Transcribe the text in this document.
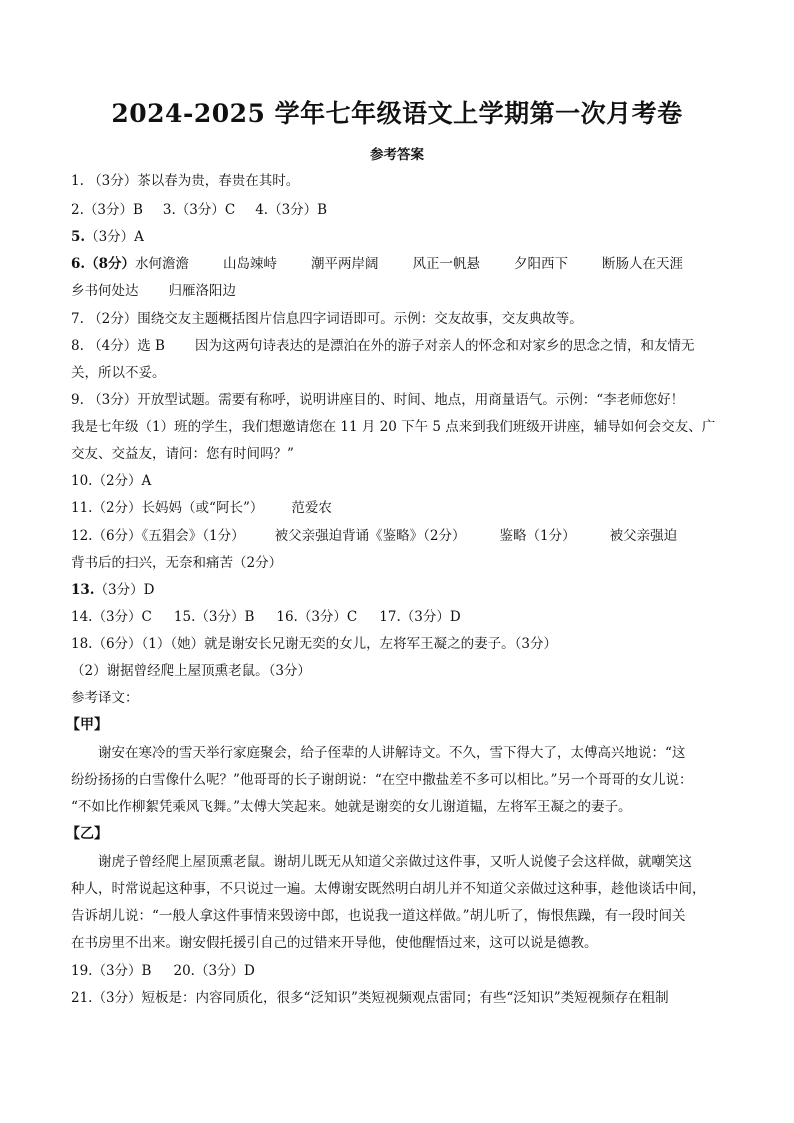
2024-2025 学年七年级语文上学期第一次月考卷
参考答案
1. （3分）茶以春为贵，春贵在其时。
2.（3分）B 3.（3分）C 4.（3分）B
5.（3分）A
6.（8分）水何澹澹	山岛竦峙	潮平两岸阔	风正一帆悬	夕阳西下	断肠人在天涯
乡书何处达 归雁洛阳边
7. （2分）围绕交友主题概括图片信息四字词语即可。示例：交友故事，交友典故等。
8. （4分）选 B 因为这两句诗表达的是漂泊在外的游子对亲人的怀念和对家乡的思念之情，和友情无
关，所以不妥。
9. （3分）开放型试题。需要有称呼，说明讲座目的、时间、地点，用商量语气。示例：“李老师您好！
我是七年级（1）班的学生，我们想邀请您在 11 月 20 下午 5 点来到我们班级开讲座，辅导如何会交友、广
交友、交益友，请问：您有时间吗？”
10.（2分）A
11.（2分）长妈妈（或“阿长”） 范爱农
12.（6分）《五猖会》（1分） 被父亲强迫背诵《鉴略》（2分）	鉴略（1分）	被父亲强迫
背书后的扫兴，无奈和痛苦（2分）
13.（3分）D
14.（3分）C 15.（3分）B 16.（3分）C 17.（3分）D
18.（6分）（1）（她）就是谢安长兄谢无奕的女儿，左将军王凝之的妻子。（3分）
（2）谢据曾经爬上屋顶熏老鼠。（3分）
参考译文：
【甲】
谢安在寒冷的雪天举行家庭聚会，给子侄辈的人讲解诗文。不久，雪下得大了，太傅高兴地说：“这
纷纷扬扬的白雪像什么呢？”他哥哥的长子谢朗说：“在空中撒盐差不多可以相比。”另一个哥哥的女儿说：
“不如比作柳絮凭乘风飞舞。”太傅大笑起来。她就是谢奕的女儿谢道韫，左将军王凝之的妻子。
【乙】
谢虎子曾经爬上屋顶熏老鼠。谢胡儿既无从知道父亲做过这件事，又听人说傻子会这样做，就嘲笑这
种人，时常说起这种事，不只说过一遍。太傅谢安既然明白胡儿并不知道父亲做过这种事，趁他谈话中间，
告诉胡儿说：“一般人拿这件事情来毁谤中郎，也说我一道这样做。”胡儿听了，悔恨焦躁，有一段时间关
在书房里不出来。谢安假托援引自己的过错来开导他，使他醒悟过来，这可以说是德教。
19.（3分）B 20.（3分）D
21.（3分）短板是：内容同质化，很多“泛知识”类短视频观点雷同；有些“泛知识”类短视频存在粗制
